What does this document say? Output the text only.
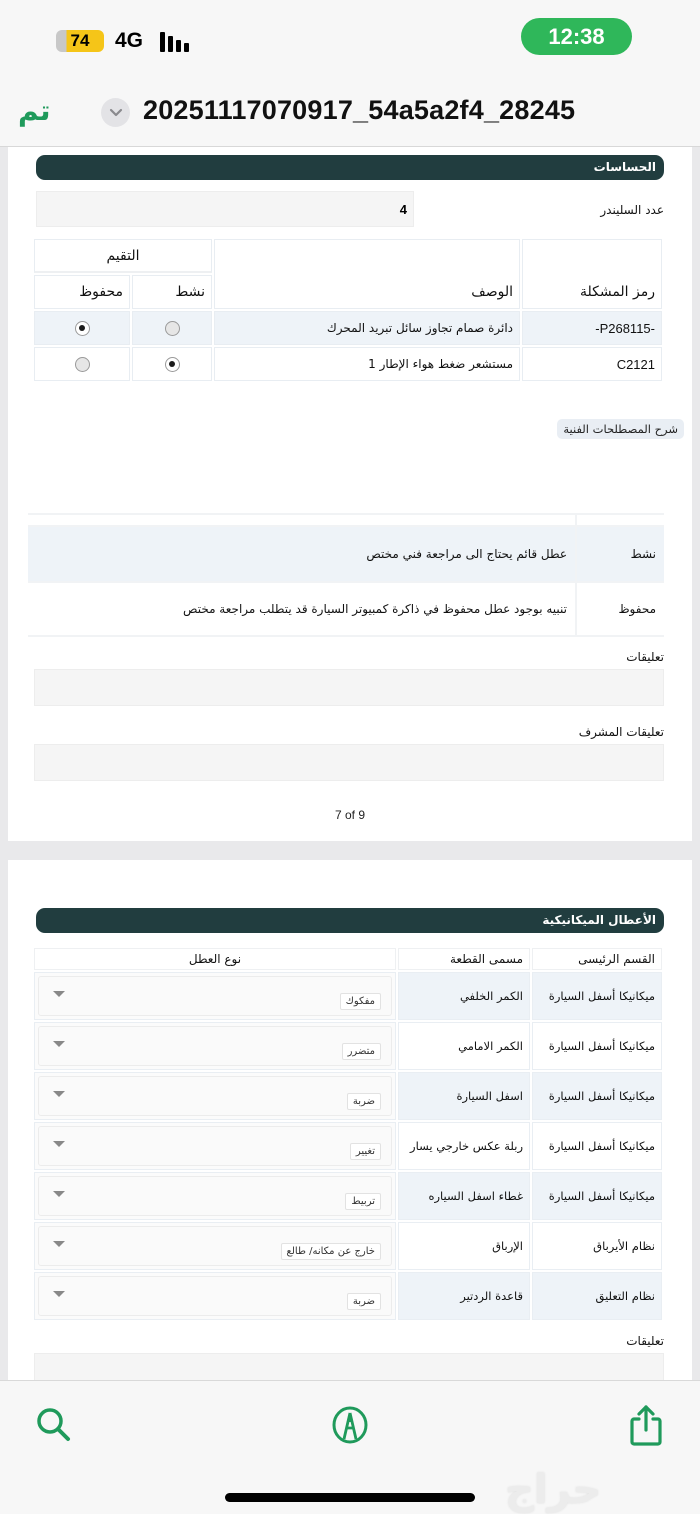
74	4G	12:38
تم	20251117070917_54a5a2f4_28245
الحساسات
عدد السليندر
4
رمز المشكلة	الوصف	التقيم	
		نشط	محفوظ
-P268115-	دائرة صمام تجاوز سائل تبريد المحرك		
C2121	مستشعر ضغط هواء الإطار 1		
شرح المصطلحات الفنية

نشط	عطل قائم يحتاج الى مراجعة فني مختص
محفوظ	تنبيه بوجود عطل محفوظ في ذاكرة كمبيوتر السيارة قد يتطلب مراجعة مختص
تعليقات
تعليقات المشرف
7 of 9
الأعطال الميكانيكية
القسم الرئيسى	مسمى القطعة	نوع العطل
ميكانيكا أسفل السيارة	الكمر الخلفي	مفكوك

ميكانيكا أسفل السيارة	الكمر الامامي	متضرر

ميكانيكا أسفل السيارة	اسفل السيارة	ضربة

ميكانيكا أسفل السيارة	ربلة عكس خارجي يسار	تغيير

ميكانيكا أسفل السيارة	غطاء اسفل السياره	تربيط

نظام الأيرباق	الإرباق	خارج عن مكانه/ طالع

نظام التعليق	قاعدة الردتير	ضربة
تعليقات
حراج
